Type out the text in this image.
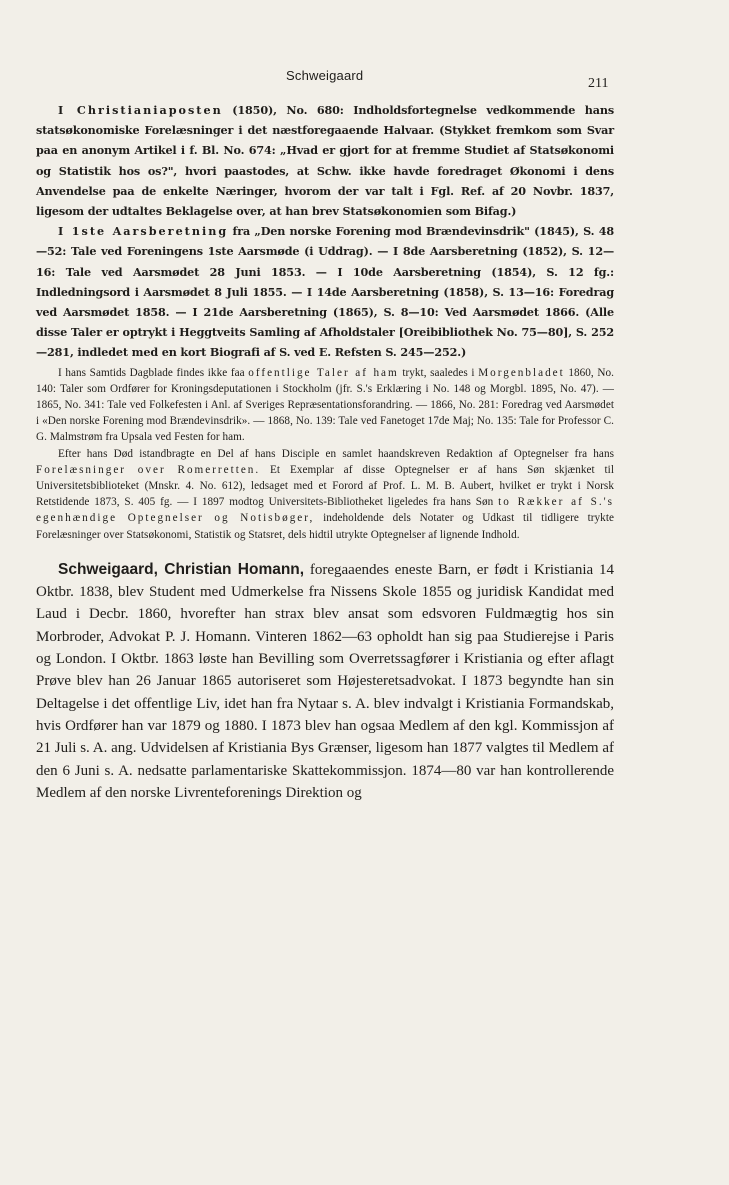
Schweigaard
211

I Christianiaposten (1850), No. 680: Indholdsfortegnelse vedkommende hans statsøkonomiske Forelæsninger i det næstforegaaende Halvaar. (Stykket fremkom som Svar paa en anonym Artikel i f. Bl. No. 674: „Hvad er gjort for at fremme Studiet af Statsøkonomi og Statistik hos os?", hvori paastodes, at Schw. ikke havde foredraget Økonomi i dens Anvendelse paa de enkelte Næringer, hvorom der var talt i Fgl. Ref. af 20 Novbr. 1837, ligesom der udtaltes Beklagelse over, at han brev Statsøkonomien som Bifag.)

I 1ste Aarsberetning fra „Den norske Forening mod Brændevinsdrik" (1845), S. 48—52: Tale ved Foreningens 1ste Aarsmøde (i Uddrag). — I 8de Aarsberetning (1852), S. 12—16: Tale ved Aarsmødet 28 Juni 1853. — I 10de Aarsberetning (1854), S. 12 fg.: Indledningsord i Aarsmødet 8 Juli 1855. — I 14de Aarsberetning (1858), S. 13—16: Foredrag ved Aarsmødet 1858. — I 21de Aarsberetning (1865), S. 8—10: Ved Aarsmødet 1866. (Alle disse Taler er optrykt i Heggtveits Samling af Afholdstaler [Oreibibliothek No. 75—80], S. 252—281, indledet med en kort Biografi af S. ved E. Refsten S. 245—252.)

I hans Samtids Dagblade findes ikke faa offentlige Taler af ham trykt, saaledes i Morgenbladet 1860, No. 140: Taler som Ordfører for Kroningsdeputationen i Stockholm (jfr. S.'s Erklæring i No. 148 og Morgbl. 1895, No. 47). — 1865, No. 341: Tale ved Folkefesten i Anl. af Sveriges Repræsentationsforandring. — 1866, No. 281: Foredrag ved Aarsmødet i «Den norske Forening mod Brændevinsdrik». — 1868, No. 139: Tale ved Fanetoget 17de Maj; No. 135: Tale for Professor C. G. Malmstrøm fra Upsala ved Festen for ham.

Efter hans Død istandbragte en Del af hans Disciple en samlet haandskreven Redaktion af Optegnelser fra hans Forelæsninger over Romerretten. Et Exemplar af disse Optegnelser er af hans Søn skjænket til Universitetsbiblioteket (Mnskr. 4. No. 612), ledsaget med et Forord af Prof. L. M. B. Aubert, hvilket er trykt i Norsk Retstidende 1873, S. 405 fg. — I 1897 modtog Universitets-Bibliotheket ligeledes fra hans Søn to Rækker af S.'s egenhændige Optegnelser og Notisbøger, indeholdende dels Notater og Udkast til tidligere trykte Forelæsninger over Statsøkonomi, Statistik og Statsret, dels hidtil utrykte Optegnelser af lignende Indhold.

Schweigaard, Christian Homann, foregaaendes eneste Barn, er født i Kristiania 14 Oktbr. 1838, blev Student med Udmerkelse fra Nissens Skole 1855 og juridisk Kandidat med Laud i Decbr. 1860, hvorefter han strax blev ansat som edsvoren Fuldmægtig hos sin Morbroder, Advokat P. J. Homann. Vinteren 1862—63 opholdt han sig paa Studierejse i Paris og London. I Oktbr. 1863 løste han Bevilling som Overretssagfører i Kristiania og efter aflagt Prøve blev han 26 Januar 1865 autoriseret som Højesteretsadvokat. I 1873 begyndte han sin Deltagelse i det offentlige Liv, idet han fra Nytaar s. A. blev indvalgt i Kristiania Formandskab, hvis Ordfører han var 1879 og 1880. I 1873 blev han ogsaa Medlem af den kgl. Kommissjon af 21 Juli s. A. ang. Udvidelsen af Kristiania Bys Grænser, ligesom han 1877 valgtes til Medlem af den 6 Juni s. A. nedsatte parlamentariske Skattekommissjon. 1874—80 var han kontrollerende Medlem af den norske Livrenteforenings Direktion og
